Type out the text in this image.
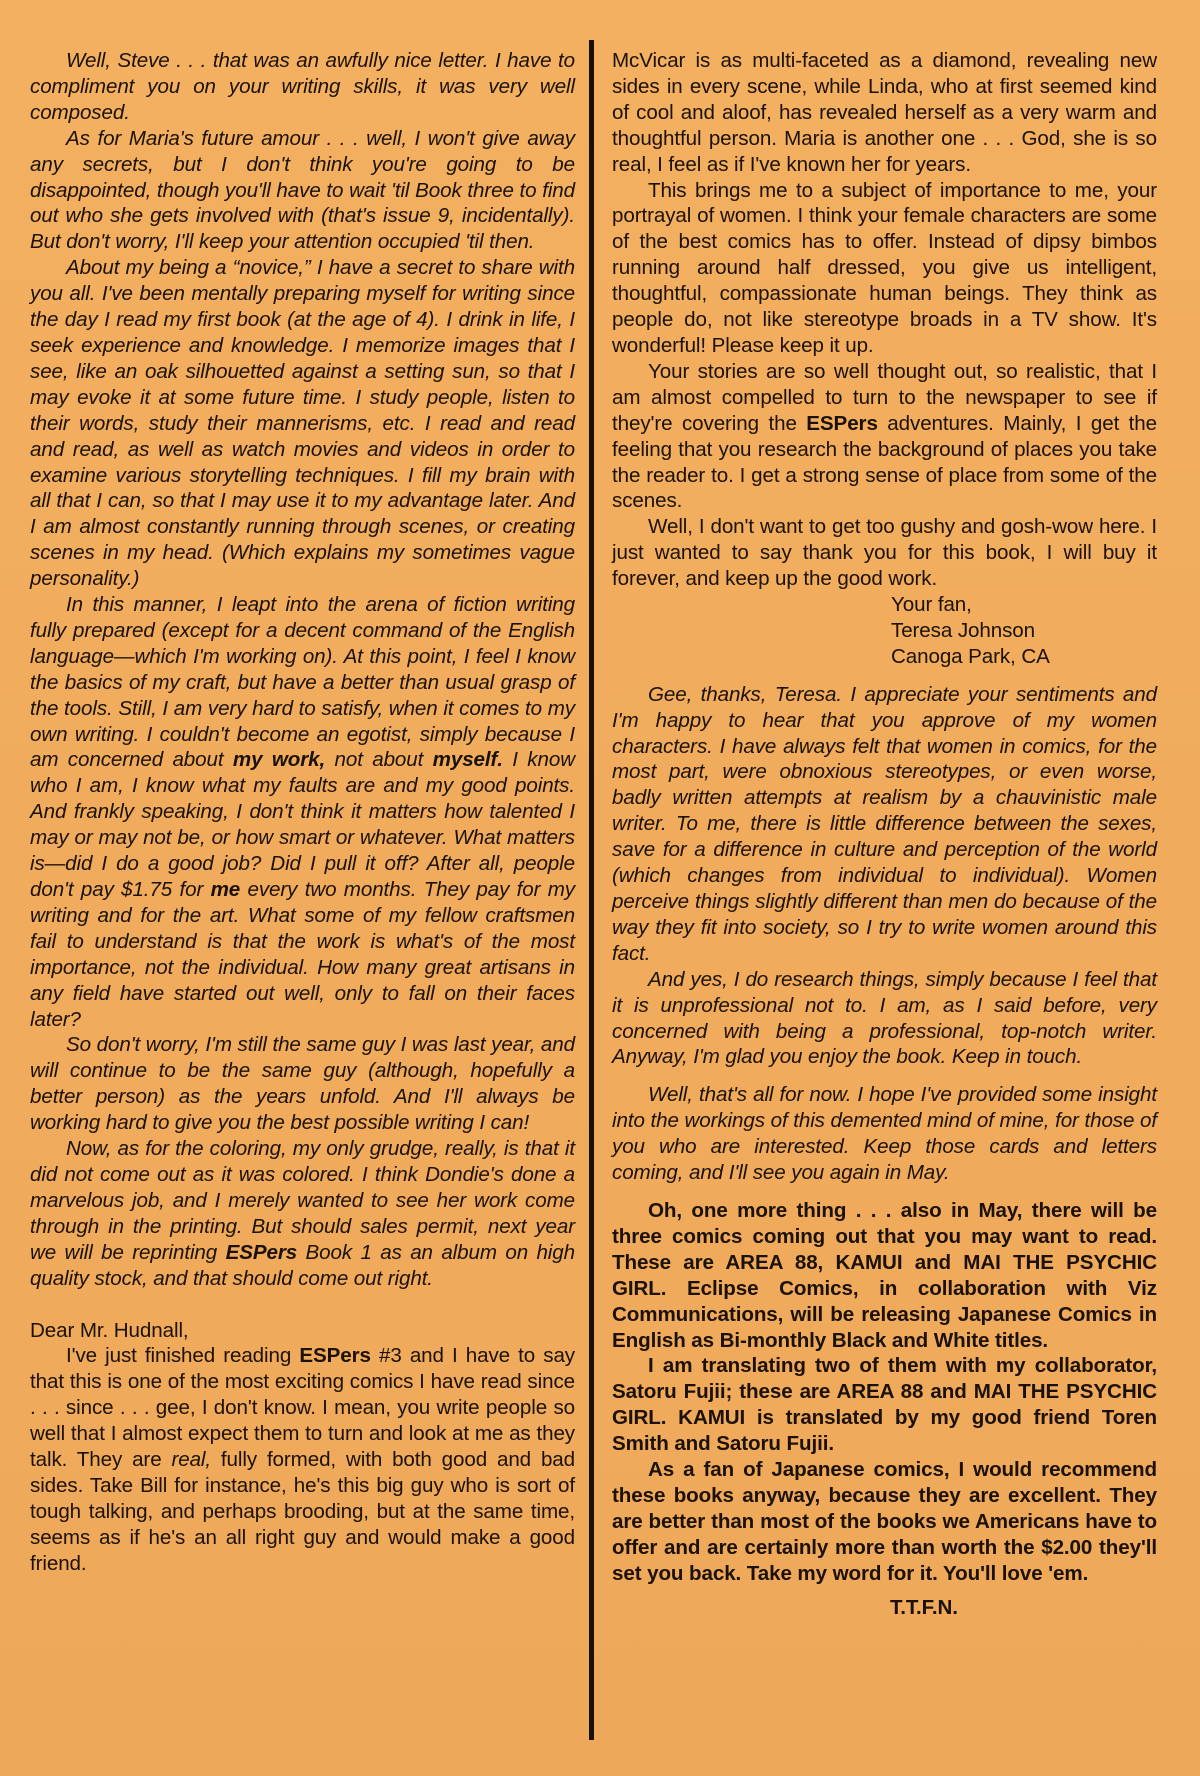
Well, Steve . . . that was an awfully nice letter. I have to compliment you on your writing skills, it was very well composed.

As for Maria's future amour . . . well, I won't give away any secrets, but I don't think you're going to be disappointed, though you'll have to wait 'til Book three to find out who she gets involved with (that's issue 9, incidentally). But don't worry, I'll keep your attention occupied 'til then.

About my being a “novice,” I have a secret to share with you all. I've been mentally preparing myself for writing since the day I read my first book (at the age of 4). I drink in life, I seek experience and knowledge. I memorize images that I see, like an oak silhouetted against a setting sun, so that I may evoke it at some future time. I study people, listen to their words, study their mannerisms, etc. I read and read and read, as well as watch movies and videos in order to examine various storytelling techniques. I fill my brain with all that I can, so that I may use it to my advantage later. And I am almost constantly running through scenes, or creating scenes in my head. (Which explains my sometimes vague personality.)

In this manner, I leapt into the arena of fiction writing fully prepared (except for a decent command of the English language—which I'm working on). At this point, I feel I know the basics of my craft, but have a better than usual grasp of the tools. Still, I am very hard to satisfy, when it comes to my own writing. I couldn't become an egotist, simply because I am concerned about my work, not about myself. I know who I am, I know what my faults are and my good points. And frankly speaking, I don't think it matters how talented I may or may not be, or how smart or whatever. What matters is—did I do a good job? Did I pull it off? After all, people don't pay $1.75 for me every two months. They pay for my writing and for the art. What some of my fellow craftsmen fail to understand is that the work is what's of the most importance, not the individual. How many great artisans in any field have started out well, only to fall on their faces later?

So don't worry, I'm still the same guy I was last year, and will continue to be the same guy (although, hopefully a better person) as the years unfold. And I'll always be working hard to give you the best possible writing I can!

Now, as for the coloring, my only grudge, really, is that it did not come out as it was colored. I think Dondie's done a marvelous job, and I merely wanted to see her work come through in the printing. But should sales permit, next year we will be reprinting ESPers Book 1 as an album on high quality stock, and that should come out right.

Dear Mr. Hudnall,

I've just finished reading ESPers #3 and I have to say that this is one of the most exciting comics I have read since . . . since . . . gee, I don't know. I mean, you write people so well that I almost expect them to turn and look at me as they talk. They are real, fully formed, with both good and bad sides. Take Bill for instance, he's this big guy who is sort of tough talking, and perhaps brooding, but at the same time, seems as if he's an all right guy and would make a good friend.

McVicar is as multi-faceted as a diamond, revealing new sides in every scene, while Linda, who at first seemed kind of cool and aloof, has revealed herself as a very warm and thoughtful person. Maria is another one . . . God, she is so real, I feel as if I've known her for years.

This brings me to a subject of importance to me, your portrayal of women. I think your female characters are some of the best comics has to offer. Instead of dipsy bimbos running around half dressed, you give us intelligent, thoughtful, compassionate human beings. They think as people do, not like stereotype broads in a TV show. It's wonderful! Please keep it up.

Your stories are so well thought out, so realistic, that I am almost compelled to turn to the newspaper to see if they're covering the ESPers adventures. Mainly, I get the feeling that you research the background of places you take the reader to. I get a strong sense of place from some of the scenes.

Well, I don't want to get too gushy and gosh-wow here. I just wanted to say thank you for this book, I will buy it forever, and keep up the good work.

Your fan,

Teresa Johnson

Canoga Park, CA

Gee, thanks, Teresa. I appreciate your sentiments and I'm happy to hear that you approve of my women characters. I have always felt that women in comics, for the most part, were obnoxious stereotypes, or even worse, badly written attempts at realism by a chauvinistic male writer. To me, there is little difference between the sexes, save for a difference in culture and perception of the world (which changes from individual to individual). Women perceive things slightly different than men do because of the way they fit into society, so I try to write women around this fact.

And yes, I do research things, simply because I feel that it is unprofessional not to. I am, as I said before, very concerned with being a professional, top-notch writer. Anyway, I'm glad you enjoy the book. Keep in touch.

Well, that's all for now. I hope I've provided some insight into the workings of this demented mind of mine, for those of you who are interested. Keep those cards and letters coming, and I'll see you again in May.

Oh, one more thing . . . also in May, there will be three comics coming out that you may want to read. These are AREA 88, KAMUI and MAI THE PSYCHIC GIRL. Eclipse Comics, in collaboration with Viz Communications, will be releasing Japanese Comics in English as Bi-monthly Black and White titles.

I am translating two of them with my collaborator, Satoru Fujii; these are AREA 88 and MAI THE PSYCHIC GIRL. KAMUI is translated by my good friend Toren Smith and Satoru Fujii.

As a fan of Japanese comics, I would recommend these books anyway, because they are excellent. They are better than most of the books we Americans have to offer and are certainly more than worth the $2.00 they'll set you back. Take my word for it. You'll love 'em.

T.T.F.N.
